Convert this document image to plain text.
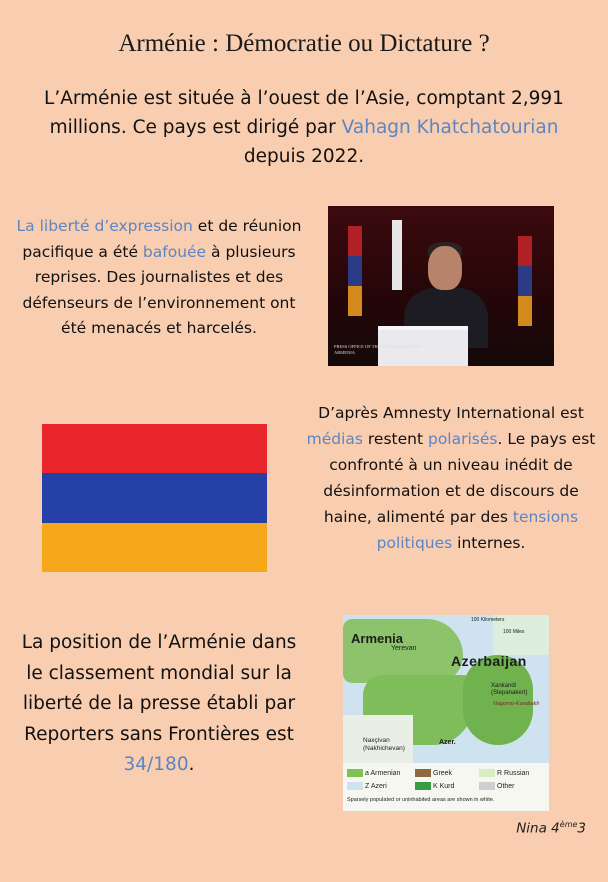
Arménie : Démocratie ou Dictature ?
L’Arménie est située à l’ouest de l’Asie, comptant 2,991 millions. Ce pays est dirigé par Vahagn Khatchatourian depuis 2022.
La liberté d’expression et de réunion pacifique a été bafouée à plusieurs reprises. Des journalistes et des défenseurs de l’environnement ont été menacés et harcelés.
PRESS OFFICE OF THE GOVERNMENT OF ARMENIA
D’après Amnesty International est médias restent polarisés. Le pays est confronté à un niveau inédit de désinformation et de discours de haine, alimenté par des tensions politiques internes.
La position de l’Arménie dans le classement mondial sur la liberté de la presse établi par Reporters sans Frontières est 34/180.
Armenia
Azerbaijan
Yerevan
Xankandi (Stepanakert)
Nagorno-Karabakh
Naxçivan (Nakhichevan)
Azer.
100 Kilometers
100 Miles
a Armenian	Greek	R Russian
Z Azeri	K Kurd	Other
Sparsely populated or uninhabited areas are shown in white.
Nina 4ème3
